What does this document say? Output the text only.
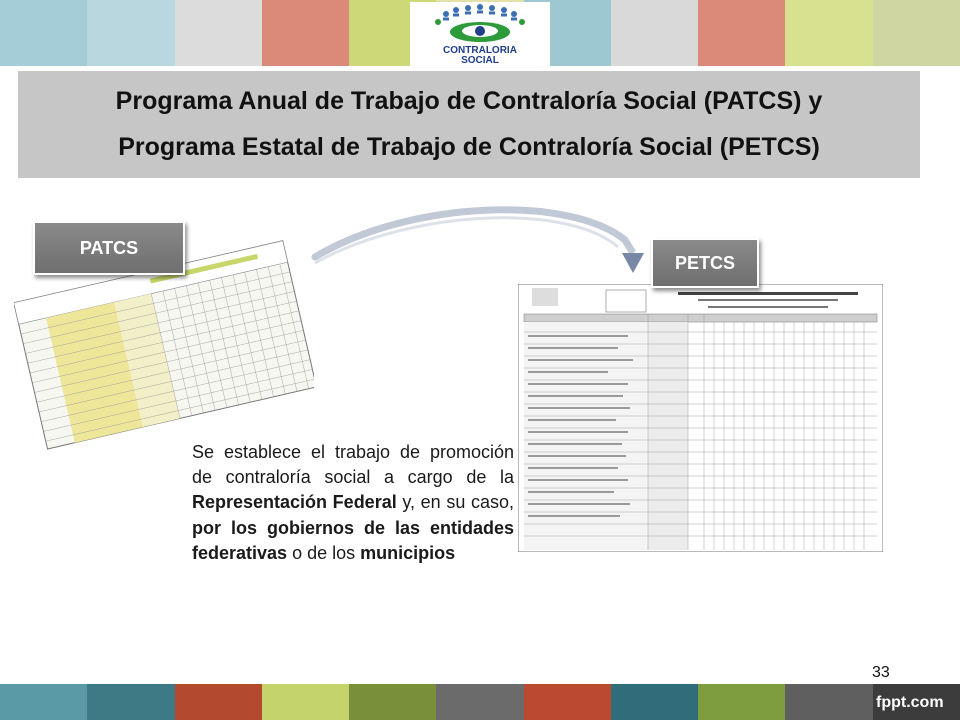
CONTRALORIA
SOCIAL
Programa Anual de Trabajo de Contraloría Social (PATCS) y
Programa Estatal de Trabajo de Contraloría Social (PETCS)
PATCS
PETCS
Se establece el trabajo de promoción de contraloría social a cargo de la Representación Federal y, en su caso, por los gobiernos de las entidades federativas o de los municipios
33
fppt.com
